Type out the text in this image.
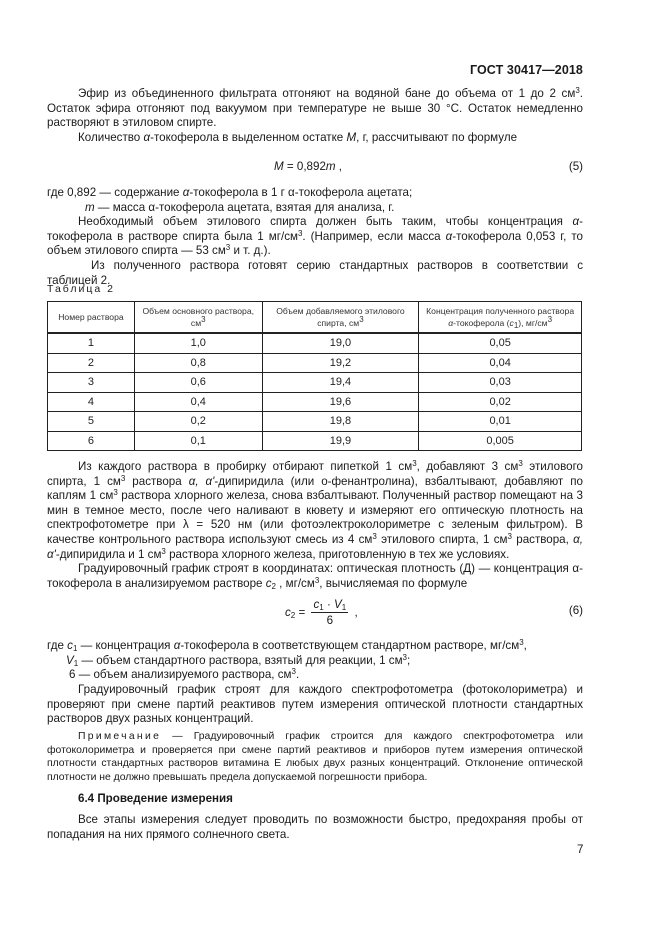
ГОСТ 30417—2018

Эфир из объединенного фильтрата отгоняют на водяной бане до объема от 1 до 2 $см^3$. Остаток эфира отгоняют под вакуумом при температуре не выше 30 °С. Остаток немедленно растворяют в этиловом спирте.

Количество α-токоферола в выделенном остатке M, г, рассчитывают по формуле

M = 0,892m ,	(5)

где 0,892 — содержание α-токоферола в 1 г α-токоферола ацетата;

m — масса α-токоферола ацетата, взятая для анализа, г.

Необходимый объем этилового спирта должен быть таким, чтобы концентрация α-токоферола в растворе спирта была 1 $мг/см^3$. (Например, если масса α-токоферола 0,053 г, то объем этилового спирта — 53 $см^3$ и т. д.).

Из полученного раствора готовят серию стандартных растворов в соответствии с таблицей 2.

Таблица 2
Номер раствора	Объем основного раствора, $см^3$	Объем добавляемого этилового спирта, $см^3$	Концентрация полученного раствора α-токоферола $(c_1)$, $мг/см^3$
1	1,0	19,0	0,05
2	0,8	19,2	0,04
3	0,6	19,4	0,03
4	0,4	19,6	0,02
5	0,2	19,8	0,01
6	0,1	19,9	0,005

Из каждого раствора в пробирку отбирают пипеткой 1 $см^3$, добавляют 3 $см^3$ этилового спирта, 1 $см^3$ раствора α, α'-дипиридила (или о-фенантролина), взбалтывают, добавляют по каплям 1 $см^3$ раствора хлорного железа, снова взбалтывают. Полученный раствор помещают на 3 мин в темное место, после чего наливают в кювету и измеряют его оптическую плотность на спектрофотометре при λ = 520 нм (или фотоэлектроколориметре с зеленым фильтром). В качестве контрольного раствора используют смесь из 4 $см^3$ этилового спирта, 1 $см^3$ раствора, α, α'-дипиридила и 1 $см^3$ раствора хлорного железа, приготовленную в тех же условиях.

Градуировочный график строят в координатах: оптическая плотность (Д) — концентрация α-токоферола в анализируемом растворе $c_2$ , $мг/см^3$, вычисляемая по формуле

$c_2 = \frac{c_1 \cdot V_1}{6}$ ,	(6)

где $c_1$ — концентрация α-токоферола в соответствующем стандартном растворе, $мг/см^3$,

$V_1$ — объем стандартного раствора, взятый для реакции, 1 $см^3$;

6 — объем анализируемого раствора, $см^3$.

Градуировочный график строят для каждого спектрофотометра (фотоколориметра) и проверяют при смене партий реактивов путем измерения оптической плотности стандартных растворов двух разных концентраций.

Примечание — Градуировочный график строится для каждого спектрофотометра или фотоколориметра и проверяется при смене партий реактивов и приборов путем измерения оптической плотности стандартных растворов витамина Е любых двух разных концентраций. Отклонение оптической плотности не должно превышать предела допускаемой погрешности прибора.

6.4 Проведение измерения

Все этапы измерения следует проводить по возможности быстро, предохраняя пробы от попадания на них прямого солнечного света.

7
